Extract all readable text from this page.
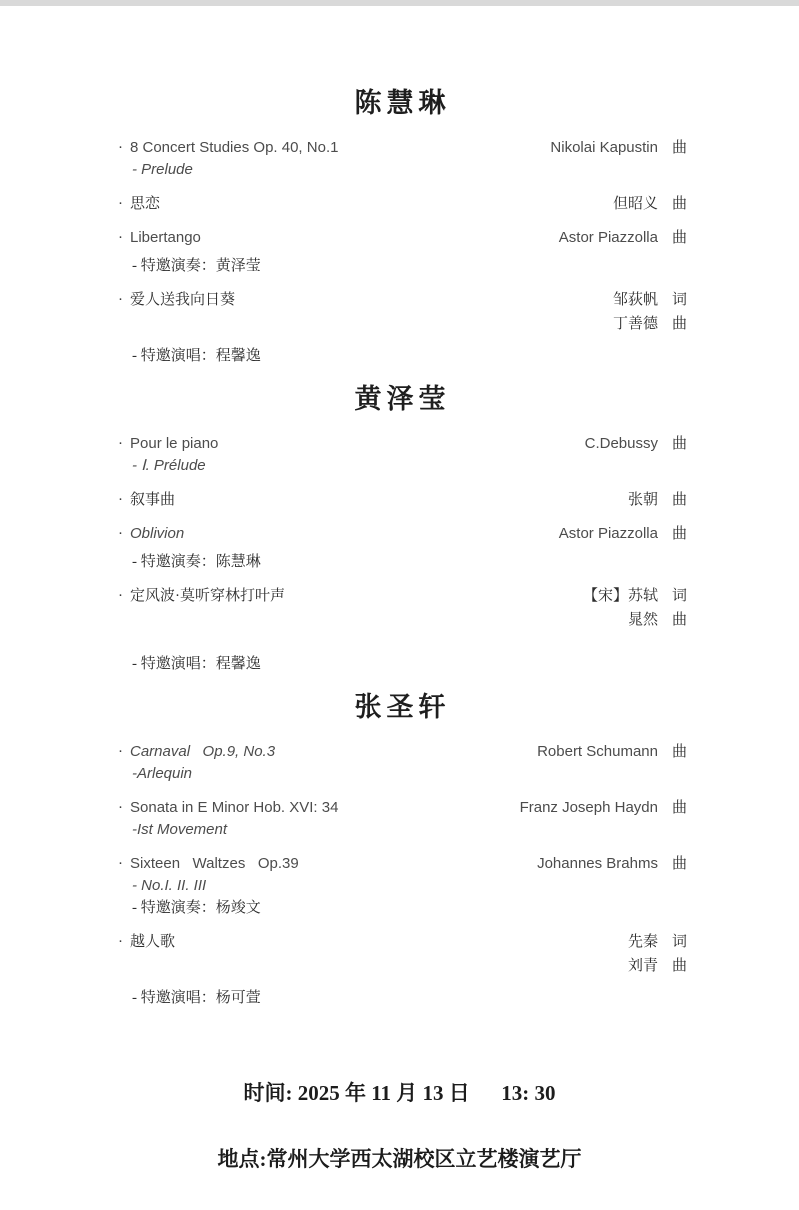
陈慧琳
· 8 Concert Studies Op. 40, No.1	Nikolai Kapustin 曲
- Prelude
· 思恋	但昭义 曲
· Libertango	Astor Piazzolla 曲
- 特邀演奏：黄泽莹
· 爱人送我向日葵	邹荻帆 词
丁善德 曲
- 特邀演唱：程馨逸
黄泽莹
· Pour le piano	C.Debussy 曲
- Ⅰ. Prélude
· 叙事曲	张朝 曲
· Oblivion	Astor Piazzolla 曲
- 特邀演奏：陈慧琳
· 定风波·莫听穿林打叶声	【宋】苏轼 词
晁然 曲
- 特邀演唱：程馨逸
张圣轩
· Carnaval   Op.9, No.3	Robert Schumann 曲
-Arlequin
· Sonata in E Minor Hob. XVI: 34	Franz Joseph Haydn 曲
-Ist Movement
· Sixteen   Waltzes   Op.39	Johannes Brahms 曲
- No.I. II. III
- 特邀演奏：杨竣文
· 越人歌	先秦 词
刘青 曲
- 特邀演唱：杨可萱

时间: 2025 年 11 月 13 日      13: 30

地点:常州大学西太湖校区立艺楼演艺厅
